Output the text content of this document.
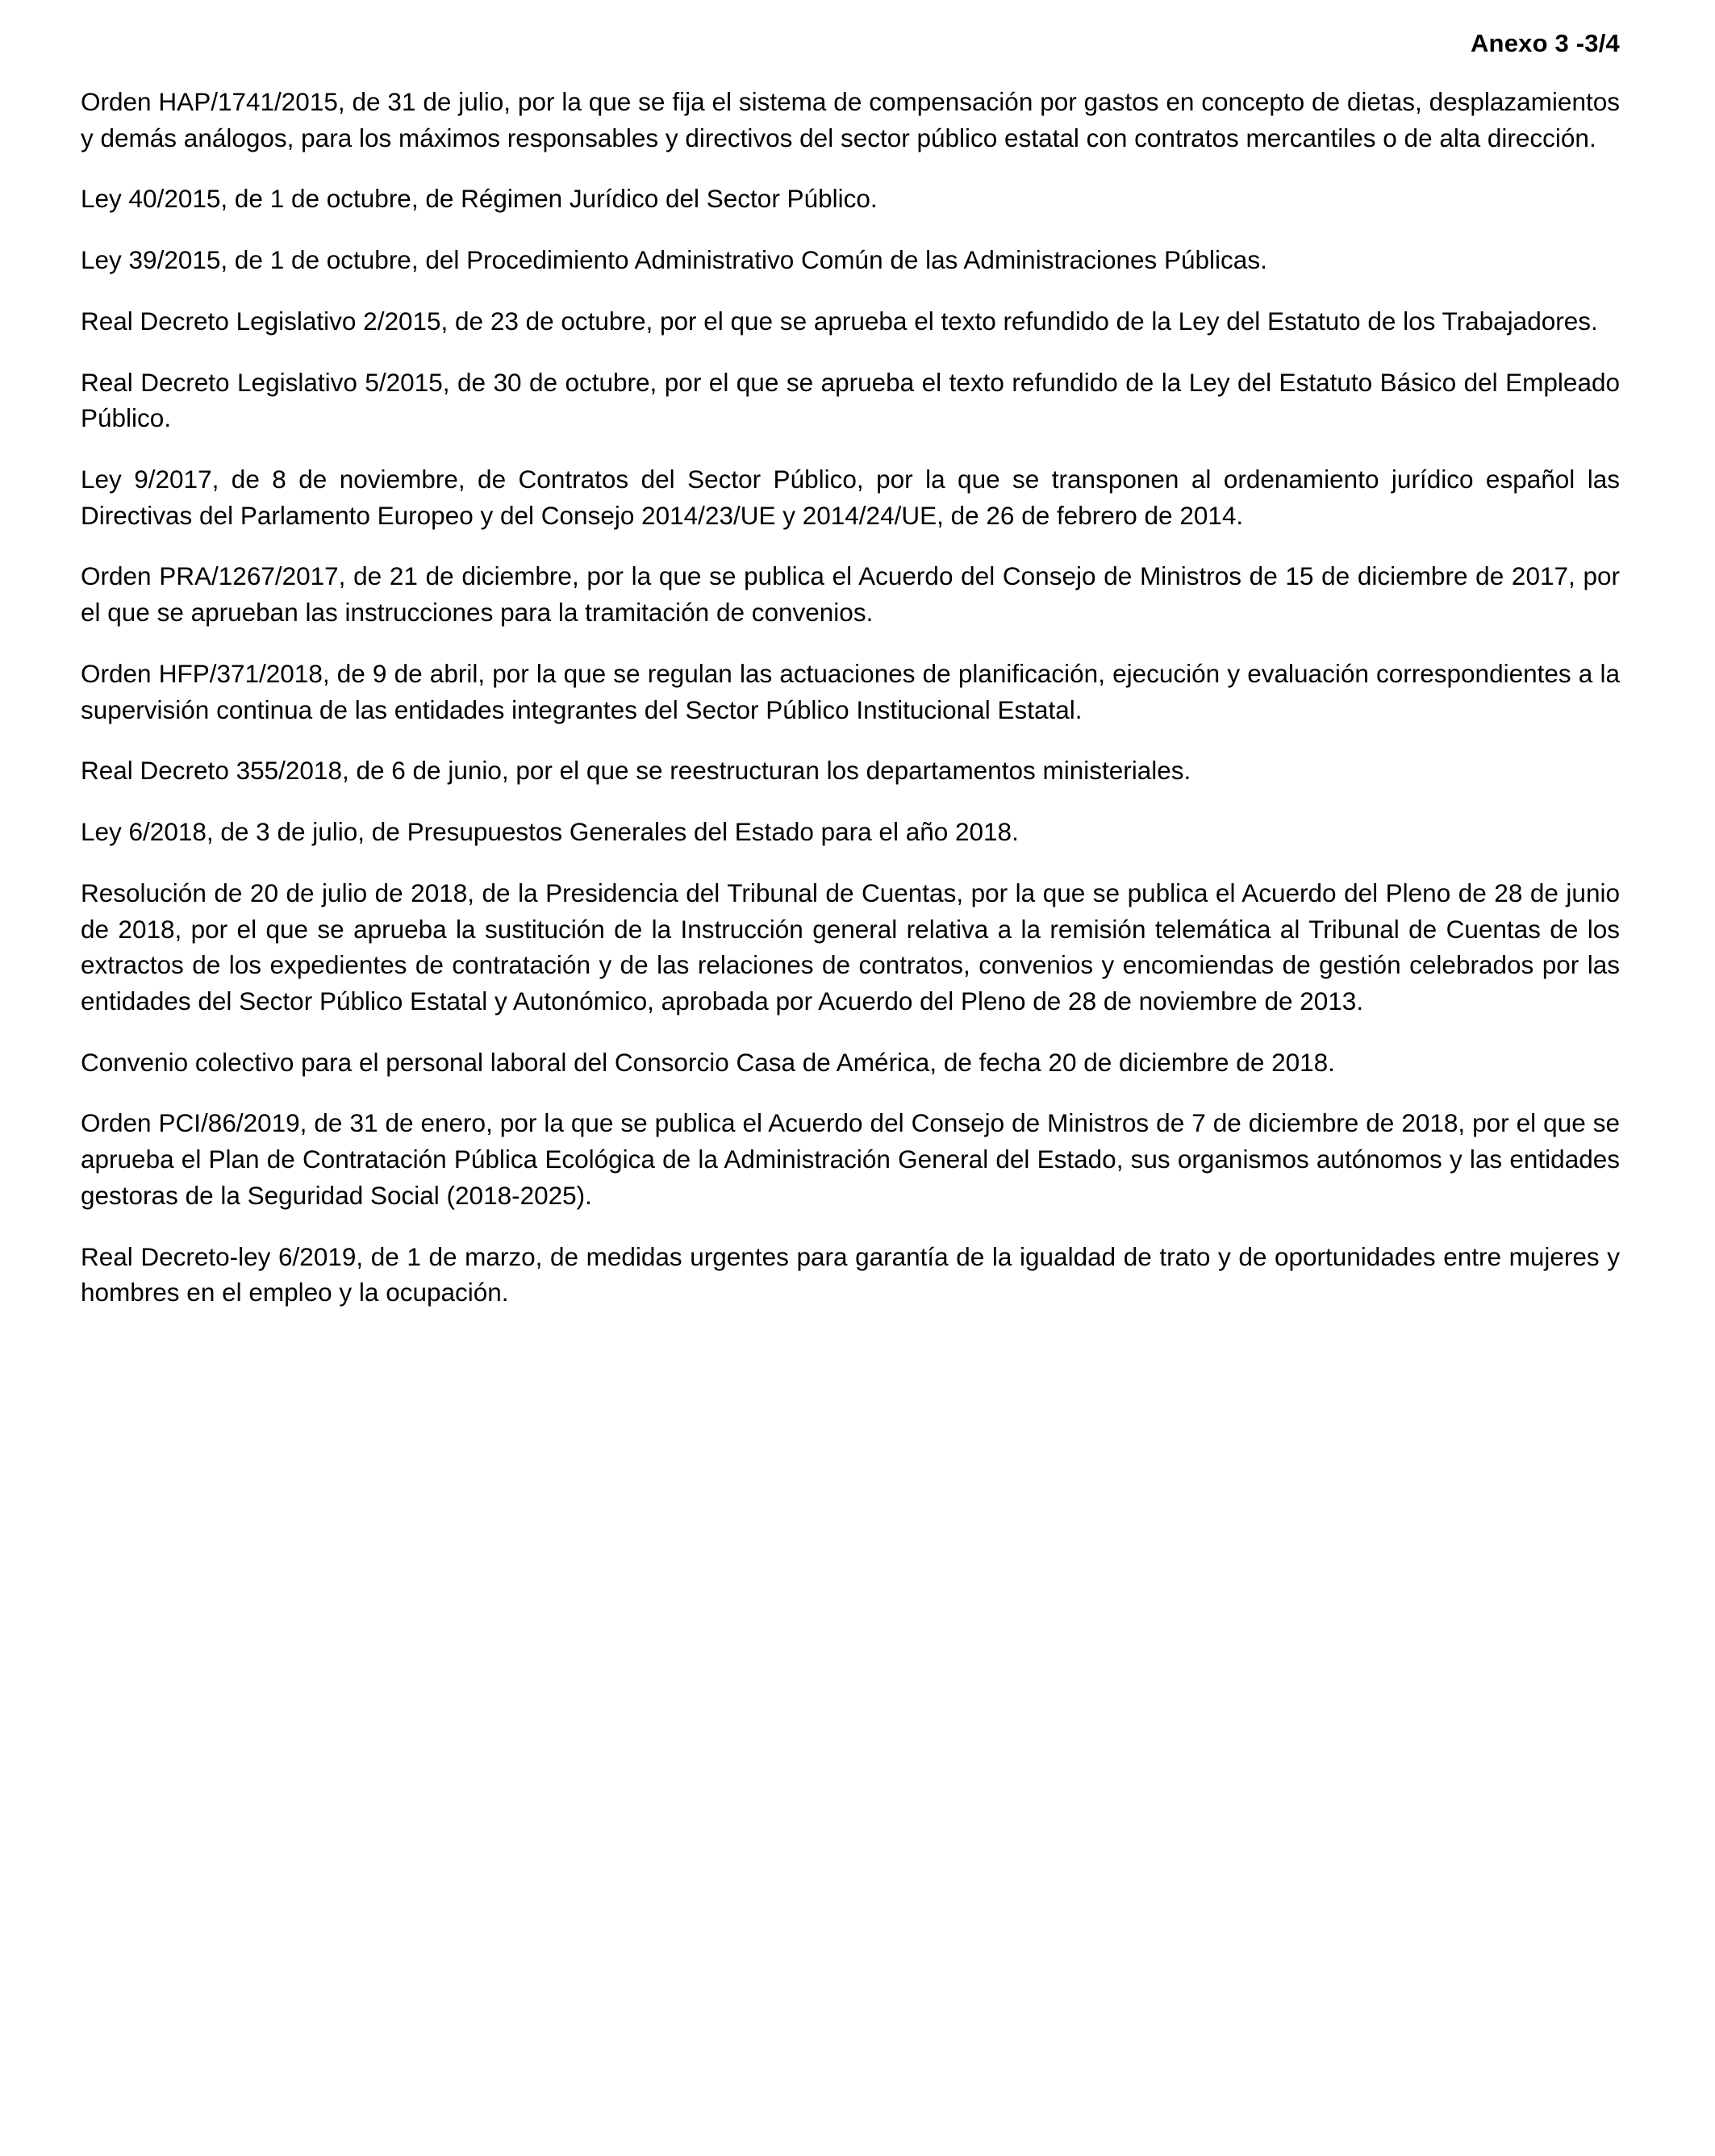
Anexo 3 -3/4

Orden HAP/1741/2015, de 31 de julio, por la que se fija el sistema de compensación por gastos en concepto de dietas, desplazamientos y demás análogos, para los máximos responsables y directivos del sector público estatal con contratos mercantiles o de alta dirección.

Ley 40/2015, de 1 de octubre, de Régimen Jurídico del Sector Público.

Ley 39/2015, de 1 de octubre, del Procedimiento Administrativo Común de las Administraciones Públicas.

Real Decreto Legislativo 2/2015, de 23 de octubre, por el que se aprueba el texto refundido de la Ley del Estatuto de los Trabajadores.

Real Decreto Legislativo 5/2015, de 30 de octubre, por el que se aprueba el texto refundido de la Ley del Estatuto Básico del Empleado Público.

Ley 9/2017, de 8 de noviembre, de Contratos del Sector Público, por la que se transponen al ordenamiento jurídico español las Directivas del Parlamento Europeo y del Consejo 2014/23/UE y 2014/24/UE, de 26 de febrero de 2014.

Orden PRA/1267/2017, de 21 de diciembre, por la que se publica el Acuerdo del Consejo de Ministros de 15 de diciembre de 2017, por el que se aprueban las instrucciones para la tramitación de convenios.

Orden HFP/371/2018, de 9 de abril, por la que se regulan las actuaciones de planificación, ejecución y evaluación correspondientes a la supervisión continua de las entidades integrantes del Sector Público Institucional Estatal.

Real Decreto 355/2018, de 6 de junio, por el que se reestructuran los departamentos ministeriales.

Ley 6/2018, de 3 de julio, de Presupuestos Generales del Estado para el año 2018.

Resolución de 20 de julio de 2018, de la Presidencia del Tribunal de Cuentas, por la que se publica el Acuerdo del Pleno de 28 de junio de 2018, por el que se aprueba la sustitución de la Instrucción general relativa a la remisión telemática al Tribunal de Cuentas de los extractos de los expedientes de contratación y de las relaciones de contratos, convenios y encomiendas de gestión celebrados por las entidades del Sector Público Estatal y Autonómico, aprobada por Acuerdo del Pleno de 28 de noviembre de 2013.

Convenio colectivo para el personal laboral del Consorcio Casa de América, de fecha 20 de diciembre de 2018.

Orden PCI/86/2019, de 31 de enero, por la que se publica el Acuerdo del Consejo de Ministros de 7 de diciembre de 2018, por el que se aprueba el Plan de Contratación Pública Ecológica de la Administración General del Estado, sus organismos autónomos y las entidades gestoras de la Seguridad Social (2018-2025).

Real Decreto-ley 6/2019, de 1 de marzo, de medidas urgentes para garantía de la igualdad de trato y de oportunidades entre mujeres y hombres en el empleo y la ocupación.
